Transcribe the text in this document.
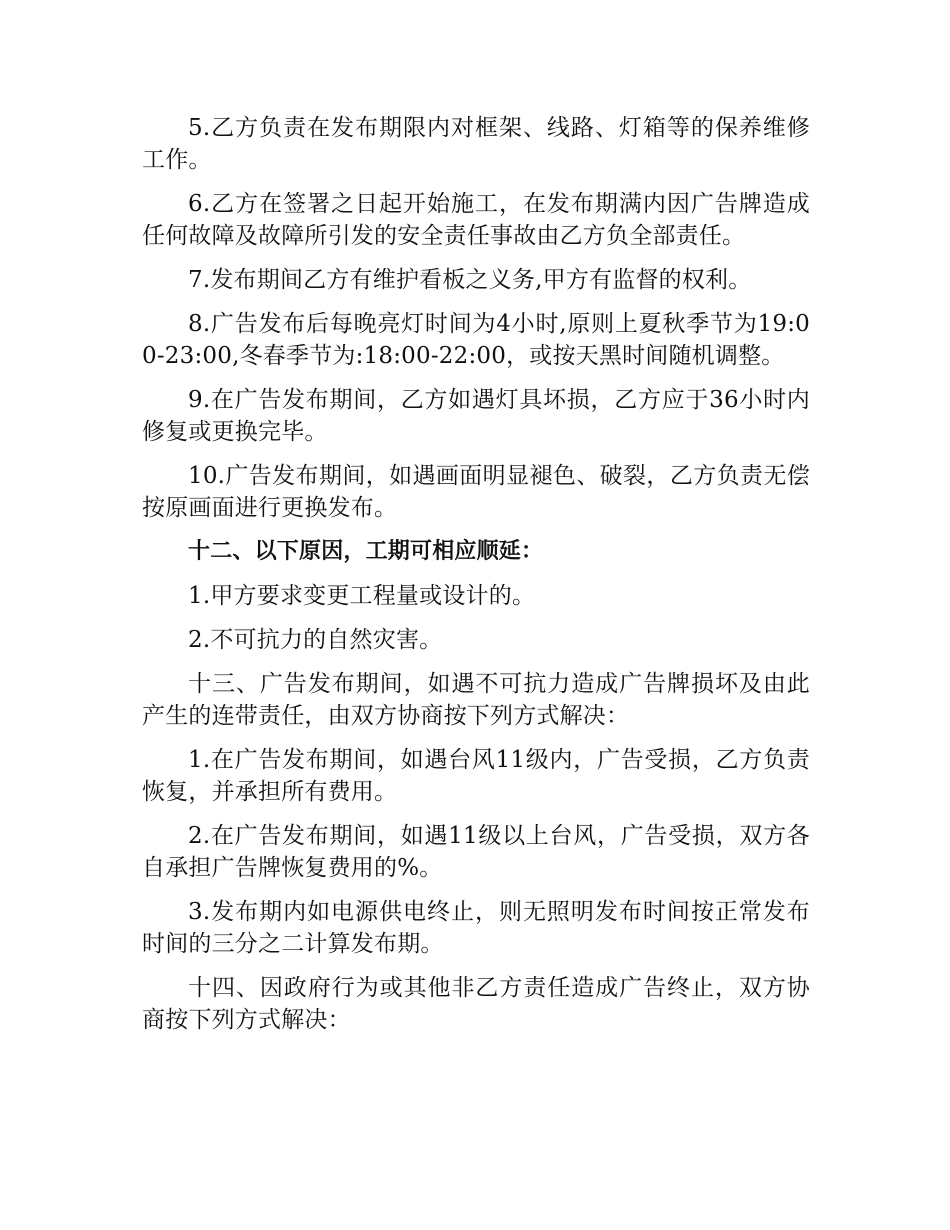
5.乙方负责在发布期限内对框架、线路、灯箱等的保养维修工作。

6.乙方在签署之日起开始施工，在发布期满内因广告牌造成任何故障及故障所引发的安全责任事故由乙方负全部责任。

7.发布期间乙方有维护看板之义务,甲方有监督的权利。

8.广告发布后每晚亮灯时间为4小时,原则上夏秋季节为19:00-23:00,冬春季节为:18:00-22:00，或按天黑时间随机调整。

9.在广告发布期间，乙方如遇灯具坏损，乙方应于36小时内修复或更换完毕。

10.广告发布期间，如遇画面明显褪色、破裂，乙方负责无偿按原画面进行更换发布。

十二、以下原因，工期可相应顺延：

1.甲方要求变更工程量或设计的。

2.不可抗力的自然灾害。

十三、广告发布期间，如遇不可抗力造成广告牌损坏及由此产生的连带责任，由双方协商按下列方式解决：

1.在广告发布期间，如遇台风11级内，广告受损，乙方负责恢复，并承担所有费用。

2.在广告发布期间，如遇11级以上台风，广告受损，双方各自承担广告牌恢复费用的%。

3.发布期内如电源供电终止，则无照明发布时间按正常发布时间的三分之二计算发布期。

十四、因政府行为或其他非乙方责任造成广告终止，双方协商按下列方式解决：
